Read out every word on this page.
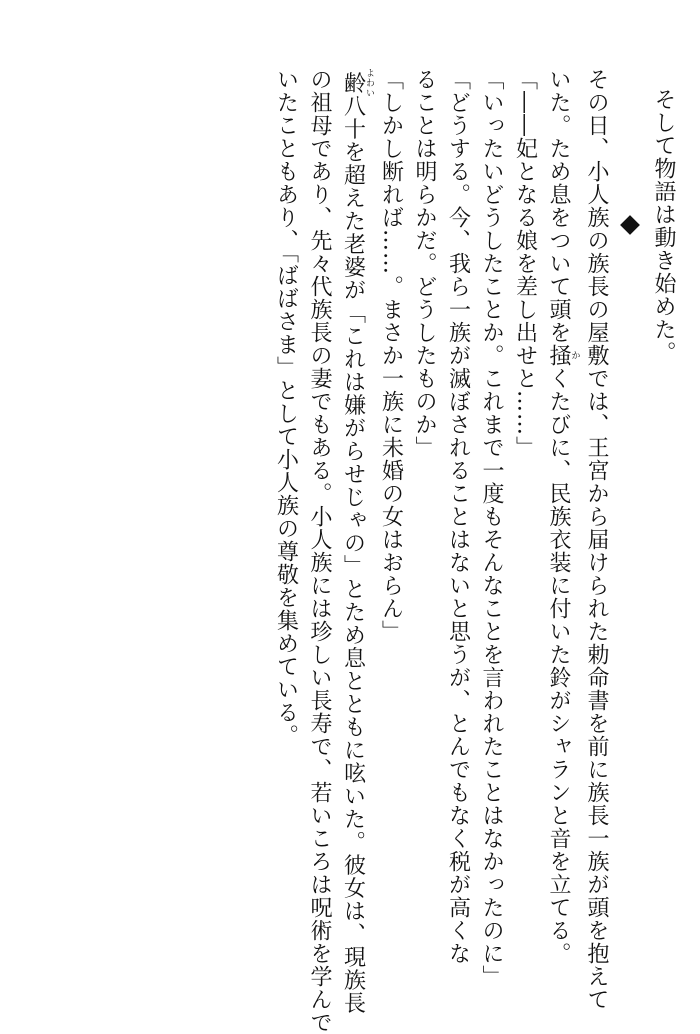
そして物語は動き始めた。

その日、小人族の族長の屋敷では、王宮から届けられた勅命書を前に族長一族が頭を抱えて

いた。ため息をついて頭を掻かくたびに、民族衣装に付いた鈴がシャランと音を立てる。

「――妃となる娘を差し出せと……」

「いったいどうしたことか。これまで一度もそんなことを言われたことはなかったのに」

「どうする。今、我ら一族が滅ぼされることはないと思うが、とんでもなく税が高くな

ることは明らかだ。どうしたものか」

「しかし断れば……。まさか一族に未婚の女はおらん」

齢よわい八十を超えた老婆が「これは嫌がらせじゃの」とため息とともに呟いた。彼女は、現族長

の祖母であり、先々代族長の妻でもある。小人族には珍しい長寿で、若いころは呪術を学んで

いたこともあり、「ばばさま」として小人族の尊敬を集めている。
